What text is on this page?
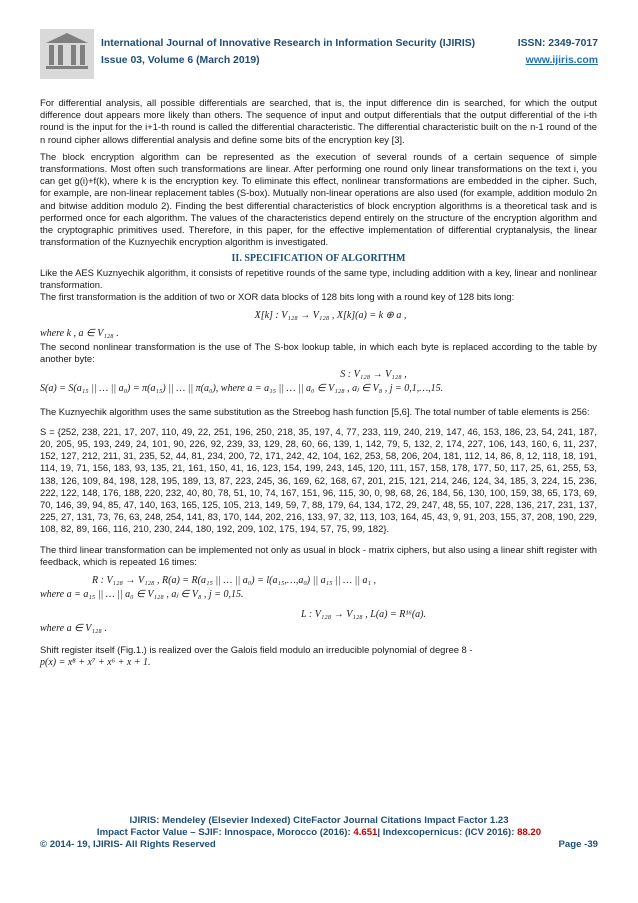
International Journal of Innovative Research in Information Security (IJIRIS)
Issue 03, Volume 6 (March 2019)
ISSN: 2349-7017
www.ijiris.com

For differential analysis, all possible differentials are searched, that is, the input difference din is searched, for which the output difference dout appears more likely than others. The sequence of input and output differentials that the output differential of the i-th round is the input for the i+1-th round is called the differential characteristic. The differential characteristic built on the n-1 round of the n round cipher allows differential analysis and define some bits of the encryption key [3].

The block encryption algorithm can be represented as the execution of several rounds of a certain sequence of simple transformations. Most often such transformations are linear. After performing one round only linear transformations on the text i, you can get g(i)+f(k), where k is the encryption key. To eliminate this effect, nonlinear transformations are embedded in the cipher. Such, for example, are non-linear replacement tables (S-box). Mutually non-linear operations are also used (for example, addition modulo 2n and bitwise addition modulo 2). Finding the best differential characteristics of block encryption algorithms is a theoretical task and is performed once for each algorithm. The values of the characteristics depend entirely on the structure of the encryption algorithm and the cryptographic primitives used. Therefore, in this paper, for the effective implementation of differential cryptanalysis, the linear transformation of the Kuznyechik encryption algorithm is investigated.

II. SPECIFICATION OF ALGORITHM

Like the AES Kuznyechik algorithm, it consists of repetitive rounds of the same type, including addition with a key, linear and nonlinear transformation.

The first transformation is the addition of two or XOR data blocks of 128 bits long with a round key of 128 bits long:

X[k] : V₁₂₈ → V₁₂₈ , X[k](a) = k ⊕ a ,
where k , a ∈ V₁₂₈ .

The second nonlinear transformation is the use of The S-box lookup table, in which each byte is replaced according to the table by another byte:

S : V₁₂₈ → V₁₂₈ ,
S(a) = S(a₁₅ || … || a₀) = π(a₁₅) || … || π(a₀), where a = a₁₅ || … || a₀ ∈ V₁₂₈ , aⱼ ∈ V₈ , j = 0,1,…,15.

The Kuznyechik algorithm uses the same substitution as the Streebog hash function [5,6]. The total number of table elements is 256:

S = {252, 238, 221, 17, 207, 110, 49, 22, 251, 196, 250, 218, 35, 197, 4, 77, 233, 119, 240, 219, 147, 46, 153, 186, 23, 54, 241, 187, 20, 205, 95, 193, 249, 24, 101, 90, 226, 92, 239, 33, 129, 28, 60, 66, 139, 1, 142, 79, 5, 132, 2, 174, 227, 106, 143, 160, 6, 11, 237, 152, 127, 212, 211, 31, 235, 52, 44, 81, 234, 200, 72, 171, 242, 42, 104, 162, 253, 58, 206, 204, 181, 112, 14, 86, 8, 12, 118, 18, 191, 114, 19, 71, 156, 183, 93, 135, 21, 161, 150, 41, 16, 123, 154, 199, 243, 145, 120, 111, 157, 158, 178, 177, 50, 117, 25, 61, 255, 53, 138, 126, 109, 84, 198, 128, 195, 189, 13, 87, 223, 245, 36, 169, 62, 168, 67, 201, 215, 121, 214, 246, 124, 34, 185, 3, 224, 15, 236, 222, 122, 148, 176, 188, 220, 232, 40, 80, 78, 51, 10, 74, 167, 151, 96, 115, 30, 0, 98, 68, 26, 184, 56, 130, 100, 159, 38, 65, 173, 69, 70, 146, 39, 94, 85, 47, 140, 163, 165, 125, 105, 213, 149, 59, 7, 88, 179, 64, 134, 172, 29, 247, 48, 55, 107, 228, 136, 217, 231, 137, 225, 27, 131, 73, 76, 63, 248, 254, 141, 83, 170, 144, 202, 216, 133, 97, 32, 113, 103, 164, 45, 43, 9, 91, 203, 155, 37, 208, 190, 229, 108, 82, 89, 166, 116, 210, 230, 244, 180, 192, 209, 102, 175, 194, 57, 75, 99, 182}.

The third linear transformation can be implemented not only as usual in block - matrix ciphers, but also using a linear shift register with feedback, which is repeated 16 times:

R : V₁₂₈ → V₁₂₈ , R(a) = R(a₁₅ || … || a₀) = l(a₁₅,…,a₀) || a₁₅ || … || a₁ ,
where a = a₁₅ || … || a₀ ∈ V₁₂₈ , aⱼ ∈ V₈ , j = 0,15.
L : V₁₂₈ → V₁₂₈ , L(a) = R¹⁶(a).
where a ∈ V₁₂₈ .

Shift register itself (Fig.1.) is realized over the Galois field modulo an irreducible polynomial of degree 8 -

p(x) = x⁸ + x⁷ + x⁶ + x + 1.
IJIRIS: Mendeley (Elsevier Indexed) CiteFactor Journal Citations Impact Factor 1.23
Impact Factor Value – SJIF: Innospace, Morocco (2016): 4.651| Indexcopernicus: (ICV 2016): 88.20
© 2014- 19, IJIRIS- All Rights Reserved	Page -39
